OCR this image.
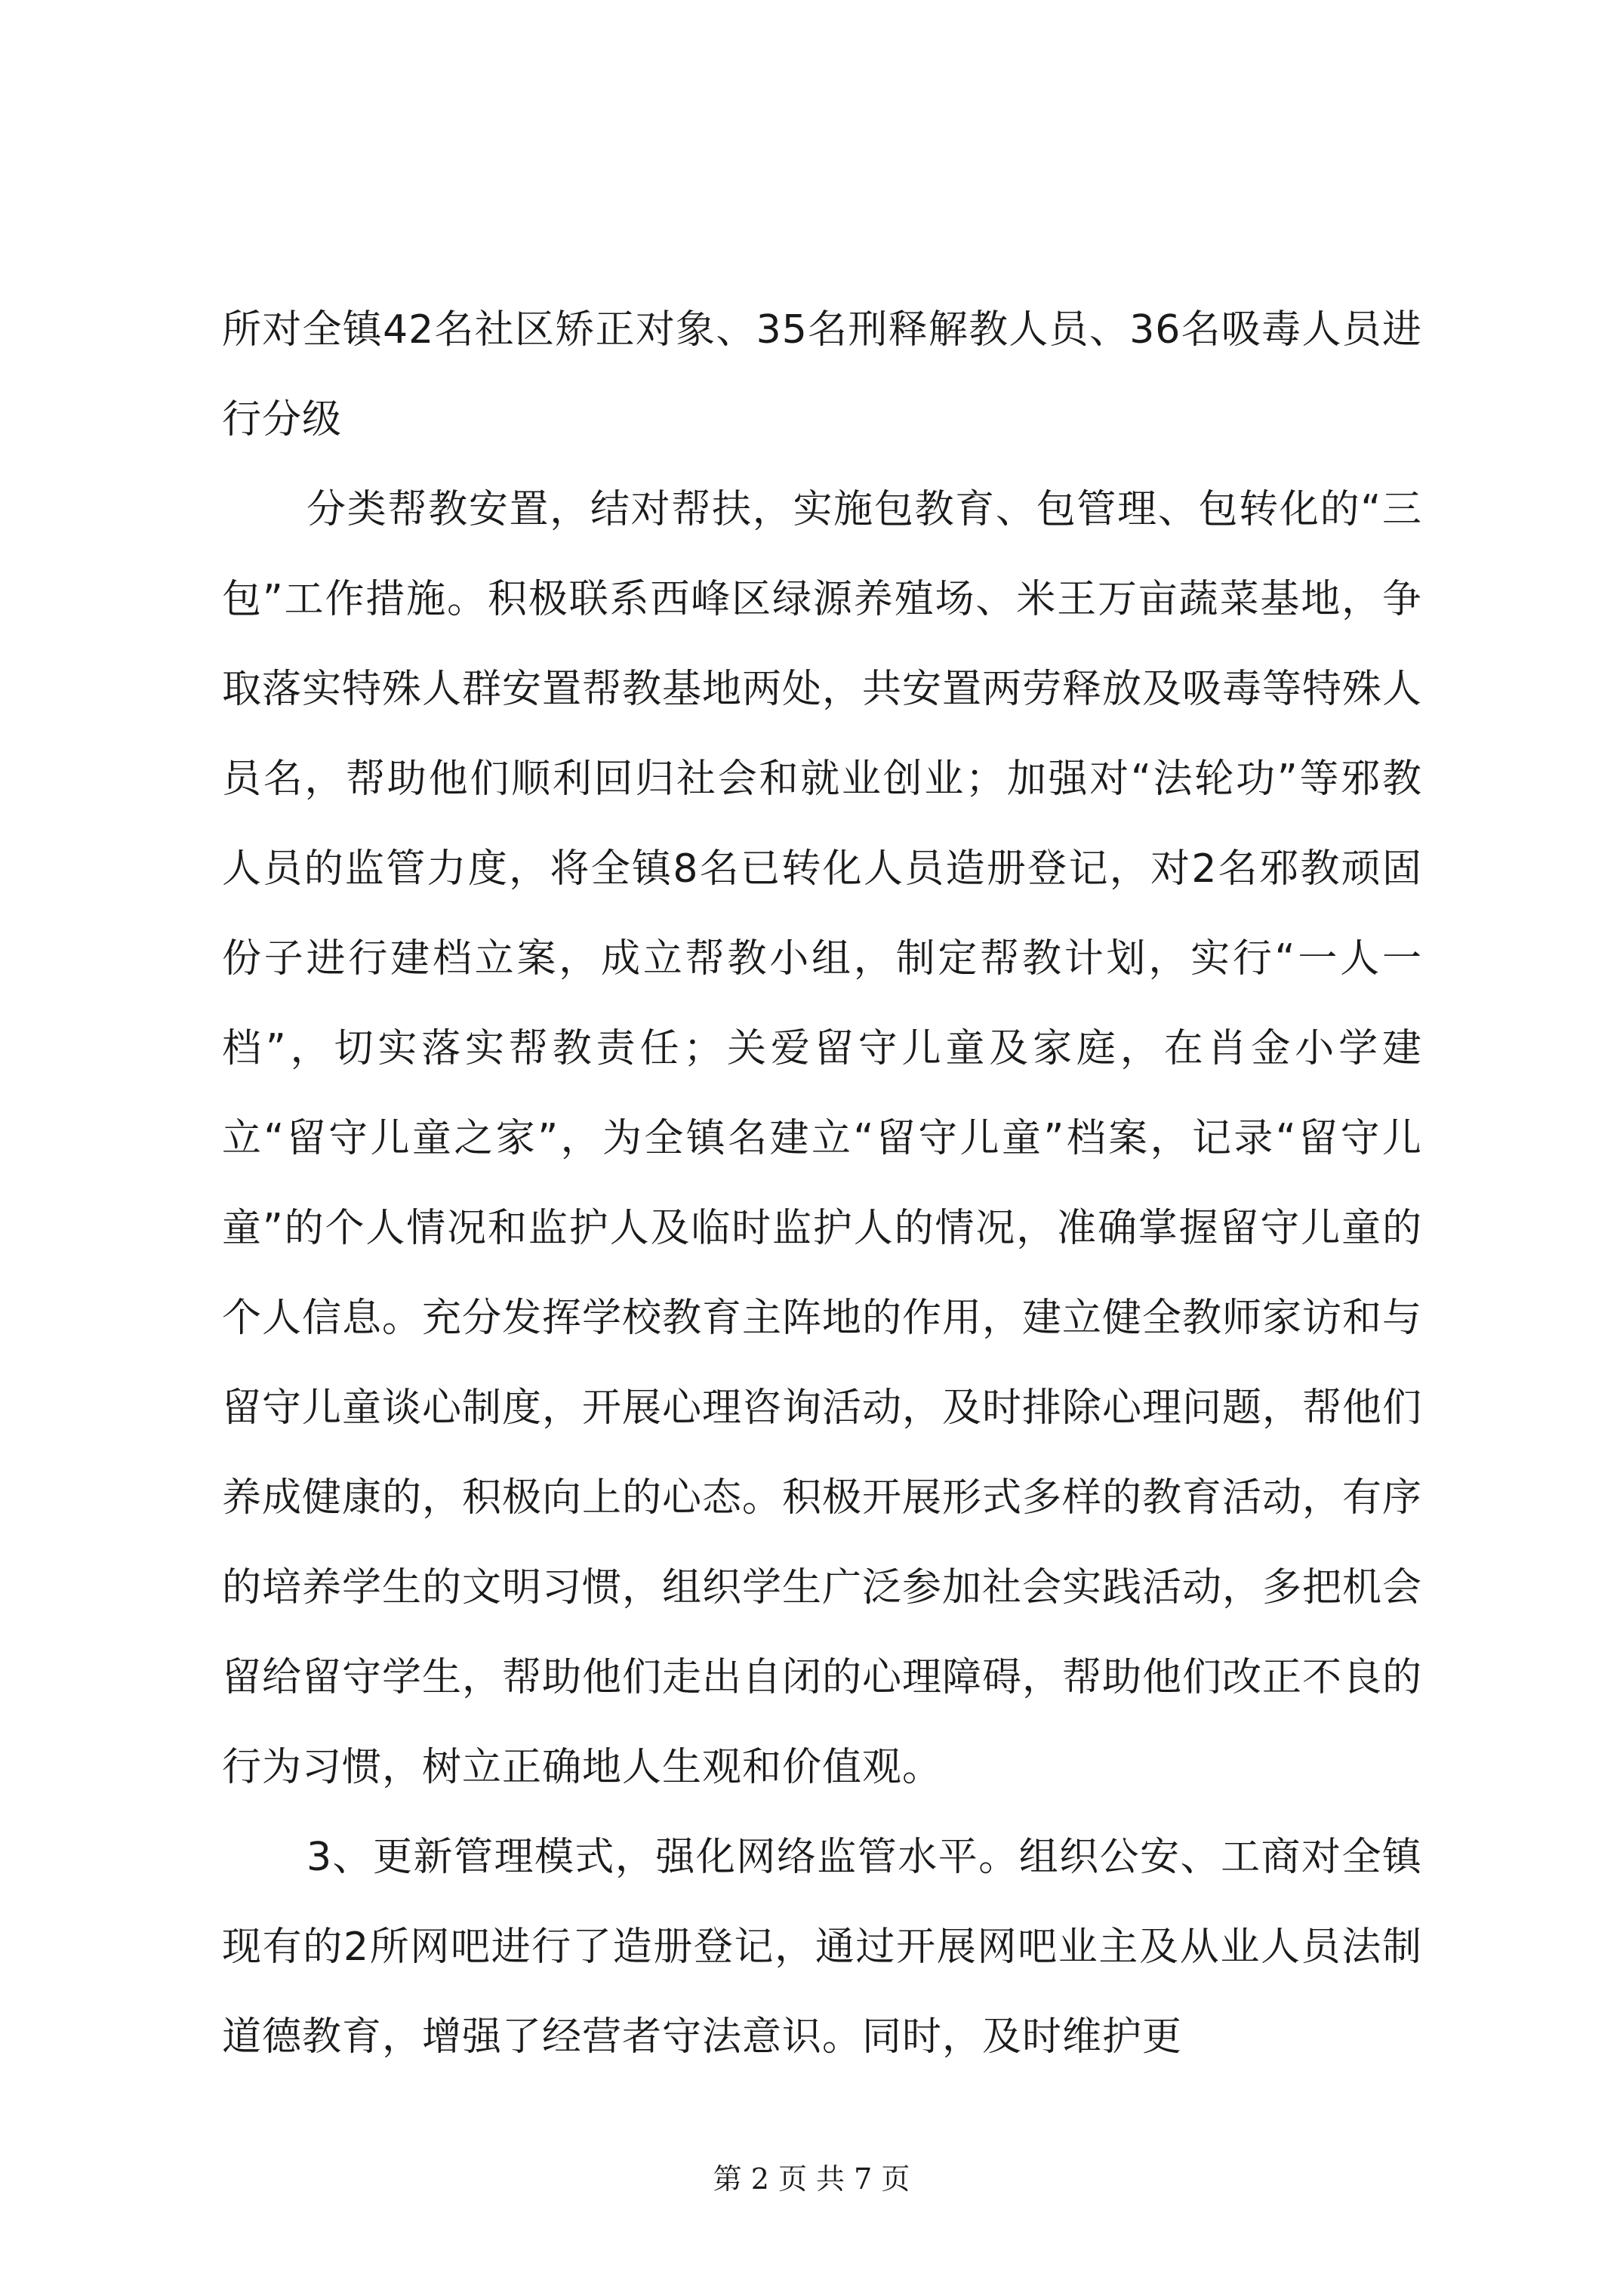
所对全镇42名社区矫正对象、35名刑释解教人员、36名吸毒人员进行分级

分类帮教安置，结对帮扶，实施包教育、包管理、包转化的“三包”工作措施。积极联系西峰区绿源养殖场、米王万亩蔬菜基地，争取落实特殊人群安置帮教基地两处，共安置两劳释放及吸毒等特殊人员名，帮助他们顺利回归社会和就业创业；加强对“法轮功”等邪教人员的监管力度，将全镇8名已转化人员造册登记，对2名邪教顽固份子进行建档立案，成立帮教小组，制定帮教计划，实行“一人一档”，切实落实帮教责任；关爱留守儿童及家庭，在肖金小学建立“留守儿童之家”，为全镇名建立“留守儿童”档案，记录“留守儿童”的个人情况和监护人及临时监护人的情况，准确掌握留守儿童的个人信息。充分发挥学校教育主阵地的作用，建立健全教师家访和与留守儿童谈心制度，开展心理咨询活动，及时排除心理问题，帮他们养成健康的，积极向上的心态。积极开展形式多样的教育活动，有序的培养学生的文明习惯，组织学生广泛参加社会实践活动，多把机会留给留守学生，帮助他们走出自闭的心理障碍，帮助他们改正不良的行为习惯，树立正确地人生观和价值观。

3、更新管理模式，强化网络监管水平。组织公安、工商对全镇现有的2所网吧进行了造册登记，通过开展网吧业主及从业人员法制道德教育，增强了经营者守法意识。同时，及时维护更

第 2 页 共 7 页
